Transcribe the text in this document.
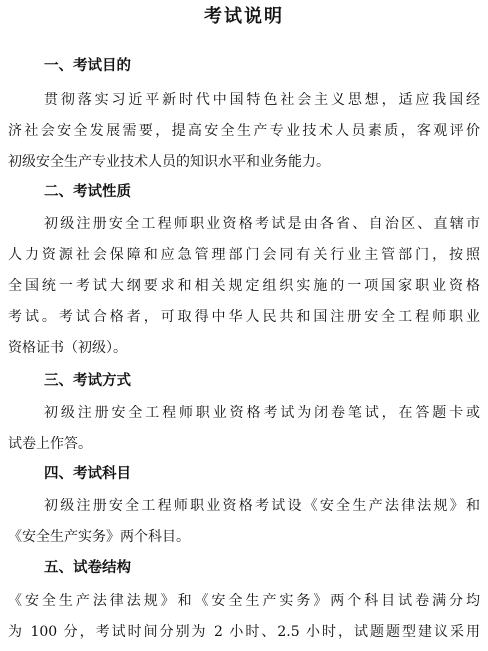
考试说明
一、考试目的
贯彻落实习近平新时代中国特色社会主义思想，适应我国经
济社会安全发展需要，提高安全生产专业技术人员素质，客观评价
初级安全生产专业技术人员的知识水平和业务能力。
二、考试性质
初级注册安全工程师职业资格考试是由各省、自治区、直辖市
人力资源社会保障和应急管理部门会同有关行业主管部门，按照
全国统一考试大纲要求和相关规定组织实施的一项国家职业资格
考试。考试合格者，可取得中华人民共和国注册安全工程师职业
资格证书（初级）。
三、考试方式
初级注册安全工程师职业资格考试为闭卷笔试，在答题卡或
试卷上作答。
四、考试科目
初级注册安全工程师职业资格考试设《安全生产法律法规》和
《安全生产实务》两个科目。
五、试卷结构
《安全生产法律法规》和《安全生产实务》两个科目试卷满分均
为 100 分，考试时间分别为 2 小时、2.5 小时，试题题型建议采用
